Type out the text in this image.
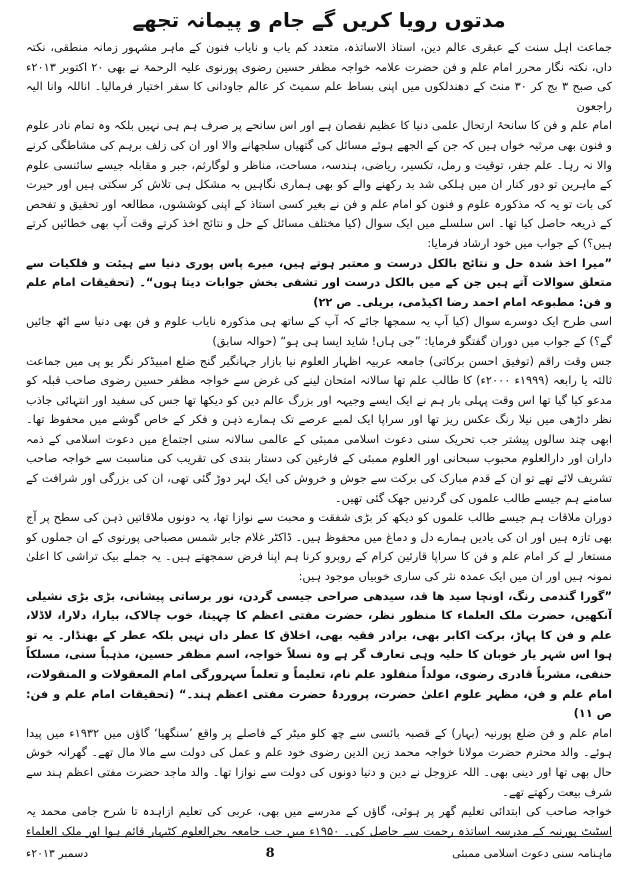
مدتوں رویا کریں گے جام و پیمانہ تجھے

جماعت اہل سنت کے عبقری عالم دین، استاذ الاساتذہ، متعدد کم یاب و نایاب فنون کے ماہر مشہور زمانہ منطقی، نکتہ داں، نکتہ نگار محرر امام علم و فن حضرت علامہ خواجہ مظفر حسین رضوی پورنوی علیہ الرحمۃ نے بھی ۲۰ اکتوبر ۲۰۱۳ء کی صبح ۳ بج کر ۳۰ منٹ کے دھندلکوں میں اپنی بساط علم سمیٹ کر عالم جاودانی کا سفر اختیار فرمالیا۔ اناللہ وانا الیہ راجعون

امام علم و فن کا سانحۂ ارتحال علمی دنیا کا عظیم نقصان ہے اور اس سانحے پر صرف ہم ہی نہیں بلکہ وہ تمام نادر علوم و فنون بھی مرثیہ خواں ہیں کہ جن کے الجھے ہوئے مسائل کی گتھیاں سلجھانے والا اور ان کی زلف برہم کی مشاطگی کرنے والا نہ رہا۔ علم جفر، توقیت و رمل، تکسیر، ریاضی، ہندسہ، مساحت، مناظر و لوگارثم، جبر و مقابلہ جیسے سائنسی علوم کے ماہرین تو دور کنار ان میں ہلکی شد بد رکھنے والے کو بھی ہماری نگاہیں بہ مشکل ہی تلاش کر سکتی ہیں اور حیرت کی بات تو یہ کہ مذکورہ علوم و فنون کو امام علم و فن نے بغیر کسی استاذ کے اپنی کوششوں، مطالعہ اور تحقیق و تفحص کے ذریعہ حاصل کیا تھا۔ اس سلسلے میں ایک سوال (کیا مختلف مسائل کے حل و نتائج اخذ کرتے وقت آپ بھی خطائیں کرتے ہیں؟) کے جواب میں خود ارشاد فرمایا:

”میرا اخذ شدہ حل و نتائج بالکل درست و معتبر ہوتے ہیں، میرے پاس پوری دنیا سے ہیئت و فلکیات سے متعلق سوالات آتے ہیں جن کے میں بالکل درست اور تشفی بخش جوابات دیتا ہوں“۔ (تحقیقات امام علم و فن: مطبوعہ امام احمد رضا اکیڈمی، بریلی۔ ص ۲۲)

اسی طرح ایک دوسرے سوال (کیا آپ یہ سمجھا جائے کہ آپ کے ساتھ ہی مذکورہ نایاب علوم و فن بھی دنیا سے اٹھ جائیں گے؟) کے جواب میں دوران گفتگو فرمایا: ”جی ہاں! شاید ایسا ہی ہو“ (حوالہ سابق)

جس وقت راقم (توفیق احسن برکاتی) جامعہ عربیہ اظہار العلوم نیا بازار جہانگیر گنج ضلع امبیڈکر نگر یو پی میں جماعت ثالثہ یا رابعہ (۱۹۹۹ء ۲۰۰۰ء) کا طالب علم تھا سالانہ امتحان لینے کی غرض سے خواجہ مظفر حسین رضوی صاحب قبلہ کو مدعو کیا گیا تھا اس وقت پہلی بار ہم نے ایک ایسے وجیہہ اور بزرگ عالم دین کو دیکھا تھا جس کی سفید اور انتہائی جاذب نظر داڑھی میں نیلا رنگ عکس ریز تھا اور سراپا ایک لمبے عرصے تک ہمارے ذہن و فکر کے خاص گوشے میں محفوظ تھا۔ ابھی چند سالوں پیشتر جب تحریک سنی دعوت اسلامی ممبئی کے عالمی سالانہ سنی اجتماع میں دعوت اسلامی کے ذمہ داران اور دارالعلوم محبوب سبحانی اور العلوم ممبئی کے فارغین کی دستار بندی کی تقریب کی مناسبت سے خواجہ صاحب تشریف لائے تھے تو ان کے قدم مبارک کی برکت سے جوش و خروش کی ایک لہر دوڑ گئی تھی، ان کی بزرگی اور شرافت کے سامنے ہم جیسے طالب علموں کی گردنیں جھک گئی تھیں۔

دوران ملاقات ہم جیسے طالب علموں کو دیکھ کر بڑی شفقت و محبت سے نوازا تھا، یہ دونوں ملاقاتیں ذہن کی سطح پر آج بھی تازہ ہیں اور ان کی یادیں ہمارے دل و دماغ میں محفوظ ہیں۔ ڈاکٹر غلام جابر شمس مصباحی پورنوی کے ان جملوں کو مستعار لے کر امام علم و فن کا سراپا قارئین کرام کے روبرو کرنا ہم اپنا فرض سمجھتے ہیں۔ یہ جملے بیک تراشی کا اعلیٰ نمونہ ہیں اور ان میں ایک عمدہ نثر کی ساری خوبیاں موجود ہیں:

”گورا گندمی رنگ، اونچا سید ھا قد، سیدھی صراحی جیسی گردن، نور برساتی پیشانی، بڑی بڑی نشیلی آنکھیں، حضرت ملک العلماء کا منظور نظر، حضرت مفتی اعظم کا چہیتا، خوب چالاک، بیارا، دلارا، لاڈلا، علم و فن کا پہاڑ، برکت اکابر بھی، برادر فقیہ بھی، اخلاق کا عطر داں نہیں بلکہ عطر کے بھنڈار۔ یہ تو ہوا اس شہر یار خوبان کا حلیہ وہی تعارف گر ہے وہ نسلاً خواجہ، اسم مظفر حسین، مذہباً سنی، مسلکاً حنفی، مشرباً قادری رضوی، مولداً منفلود علم نام، تعلیماً و تعلماً سہرورگی امام المعقولات و المنقولات، امام علم و فن، مظہر علوم اعلیٰ حضرت، پروردۂ حضرت مفتی اعظم ہند۔“ (تحقیقات امام علم و فن: ص ۱۱)

امام علم و فن ضلع پورنیہ (بہار) کے قصبہ بائسی سے چھ کلو میٹر کے فاصلے پر واقع ’سنگھیا‘ گاؤں میں ۱۹۳۲ء میں پیدا ہوئے۔ والد محترم حضرت مولانا خواجہ محمد زین الدین رضوی خود علم و عمل کی دولت سے مالا مال تھے۔ گھرانہ خوش حال بھی تھا اور دینی بھی۔ اللہ عزوجل نے دین و دنیا دونوں کی دولت سے نوازا تھا۔ والد ماجد حضرت مفتی اعظم ہند سے شرف بیعت رکھتے تھے۔

خواجہ صاحب کی ابتدائی تعلیم گھر پر ہوئی، گاؤں کے مدرسے میں بھی، عربی کی تعلیم ازاہدہ تا شرح جامی محمد یہ اسٹیٹ پورنیہ کے مدرسہ اساتذہ رحمت سے حاصل کی۔ ۱۹۵۰ء میں جب جامعہ بحرالعلوم کٹیہار قائم ہوا اور ملک العلماء

دسمبر ۲۰۱۳ء	8	ماہنامہ سنی دعوت اسلامی ممبئی
